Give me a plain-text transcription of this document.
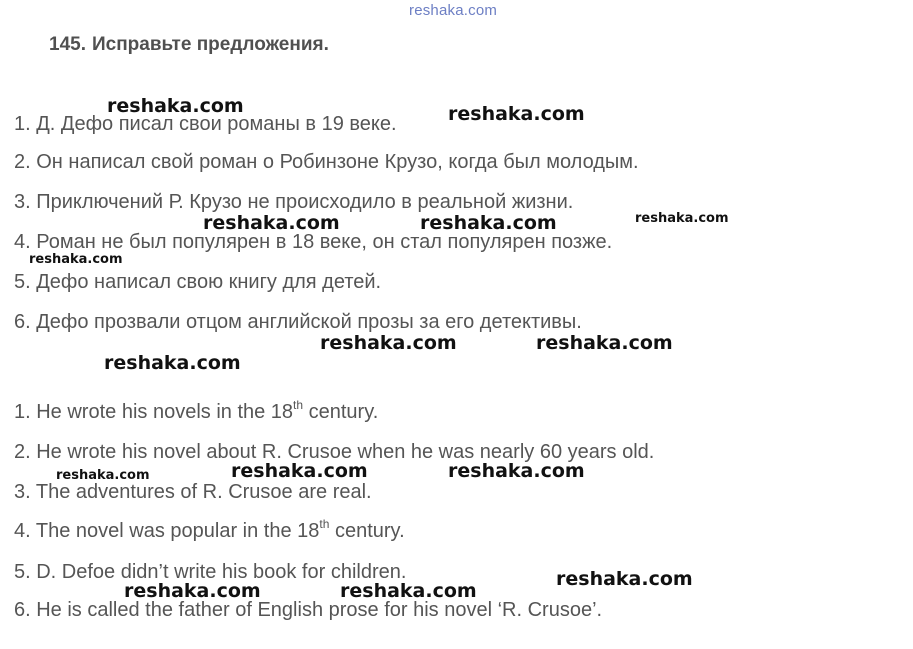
reshaka.com
145. Исправьте предложения.
1. Д. Дефо писал свои романы в 19 веке.
2. Он написал свой роман о Робинзоне Крузо, когда был молодым.
3. Приключений Р. Крузо не происходило в реальной жизни.
4. Роман не был популярен в 18 веке, он стал популярен позже.
5. Дефо написал свою книгу для детей.
6. Дефо прозвали отцом английской прозы за его детективы.
1. He wrote his novels in the 18th century.
2. He wrote his novel about R. Crusoe when he was nearly 60 years old.
3. The adventures of R. Crusoe are real.
4. The novel was popular in the 18th century.
5. D. Defoe didn’t write his book for children.
6. He is called the father of English prose for his novel ‘R. Crusoe’.
reshaka.com	reshaka.com
reshaka.com	reshaka.com	reshaka.com
reshaka.com
reshaka.com	reshaka.com
reshaka.com
reshaka.com	reshaka.com
reshaka.com
reshaka.com
reshaka.com	reshaka.com
